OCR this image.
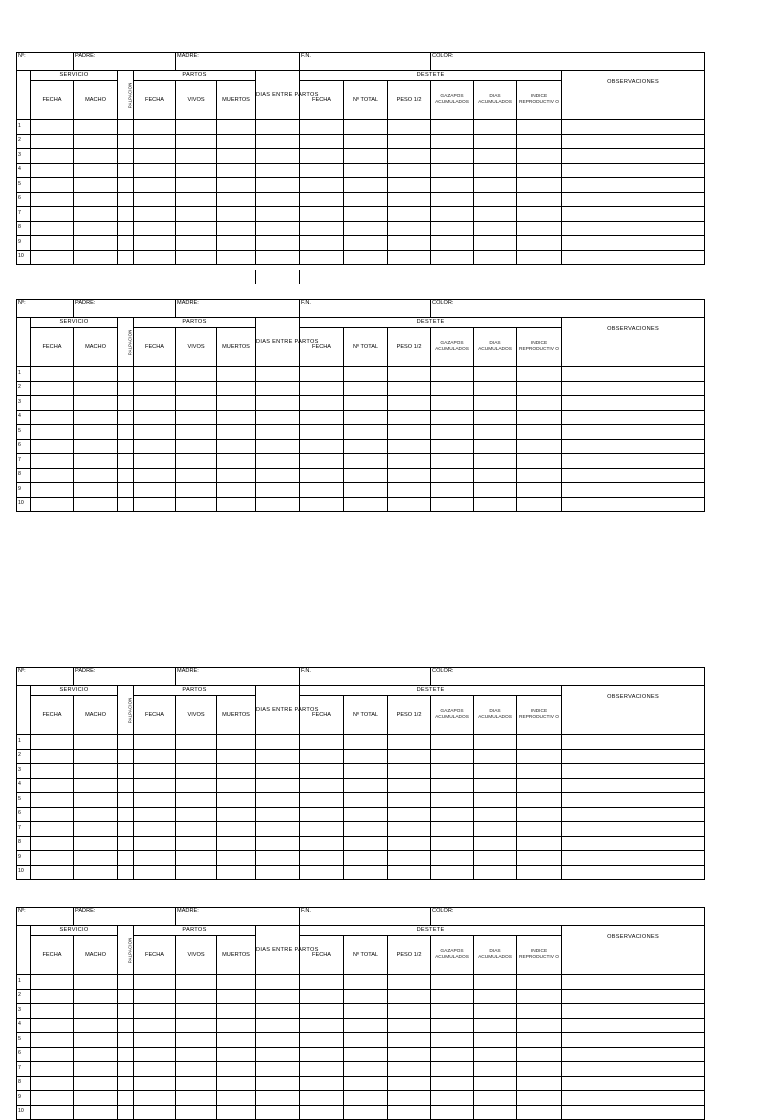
Nº:		PADRE:			MADRE:			F.N.			COLOR:			
	SERVICIO		PALPACION	PARTOS			DIAS ENTRE PARTOS	DESTETE						OBSERVACIONES
	FECHA	MACHO		FECHA	VIVOS	MUERTOS		FECHA	Nº TOTAL	PESO 1/2	GAZAPOS ACUMULADOS	DIAS ACUMULADOS	INDICE REPRODUCTIV O	
1														
2														
3														
4														
5														
6														
7														
8														
9														
10														
Nº:		PADRE:			MADRE:			F.N.			COLOR:			
	SERVICIO		PALPACION	PARTOS			DIAS ENTRE PARTOS	DESTETE						OBSERVACIONES
	FECHA	MACHO		FECHA	VIVOS	MUERTOS		FECHA	Nº TOTAL	PESO 1/2	GAZAPOS ACUMULADOS	DIAS ACUMULADOS	INDICE REPRODUCTIV O	
1														
2														
3														
4														
5														
6														
7														
8														
9														
10														
Nº:		PADRE:			MADRE:			F.N.			COLOR:			
	SERVICIO		PALPACION	PARTOS			DIAS ENTRE PARTOS	DESTETE						OBSERVACIONES
	FECHA	MACHO		FECHA	VIVOS	MUERTOS		FECHA	Nº TOTAL	PESO 1/2	GAZAPOS ACUMULADOS	DIAS ACUMULADOS	INDICE REPRODUCTIV O	
1														
2														
3														
4														
5														
6														
7														
8														
9														
10														
Nº:		PADRE:			MADRE:			F.N.			COLOR:			
	SERVICIO		PALPACION	PARTOS			DIAS ENTRE PARTOS	DESTETE						OBSERVACIONES
	FECHA	MACHO		FECHA	VIVOS	MUERTOS		FECHA	Nº TOTAL	PESO 1/2	GAZAPOS ACUMULADOS	DIAS ACUMULADOS	INDICE REPRODUCTIV O	
1														
2														
3														
4														
5														
6														
7														
8														
9														
10														
